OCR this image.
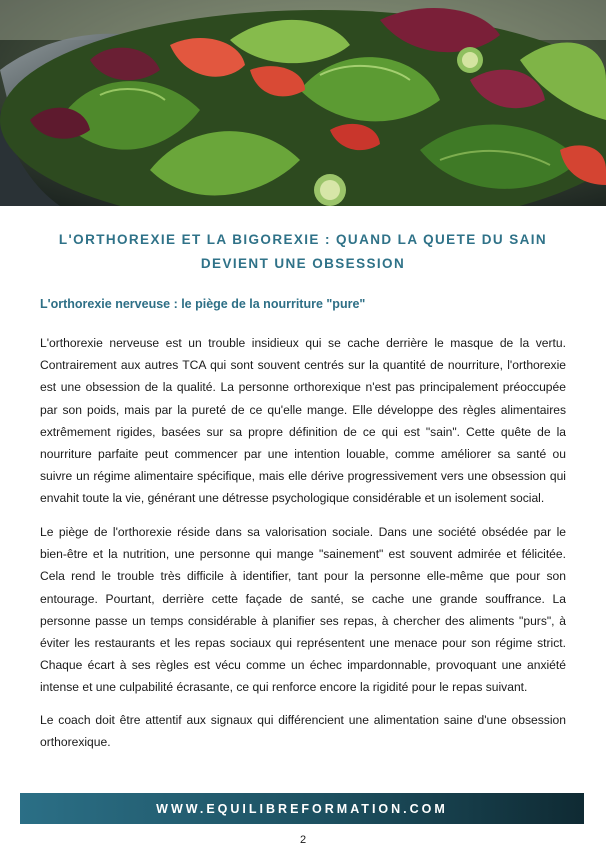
L'ORTHOREXIE ET LA BIGOREXIE : QUAND LA QUETE DU SAIN DEVIENT UNE OBSESSION
L'orthorexie nerveuse : le piège de la nourriture "pure"

L'orthorexie nerveuse est un trouble insidieux qui se cache derrière le masque de la vertu. Contrairement aux autres TCA qui sont souvent centrés sur la quantité de nourriture, l'orthorexie est une obsession de la qualité. La personne orthorexique n'est pas principalement préoccupée par son poids, mais par la pureté de ce qu'elle mange. Elle développe des règles alimentaires extrêmement rigides, basées sur sa propre définition de ce qui est "sain". Cette quête de la nourriture parfaite peut commencer par une intention louable, comme améliorer sa santé ou suivre un régime alimentaire spécifique, mais elle dérive progressivement vers une obsession qui envahit toute la vie, générant une détresse psychologique considérable et un isolement social.

Le piège de l'orthorexie réside dans sa valorisation sociale. Dans une société obsédée par le bien-être et la nutrition, une personne qui mange "sainement" est souvent admirée et félicitée. Cela rend le trouble très difficile à identifier, tant pour la personne elle-même que pour son entourage. Pourtant, derrière cette façade de santé, se cache une grande souffrance. La personne passe un temps considérable à planifier ses repas, à chercher des aliments "purs", à éviter les restaurants et les repas sociaux qui représentent une menace pour son régime strict. Chaque écart à ses règles est vécu comme un échec impardonnable, provoquant une anxiété intense et une culpabilité écrasante, ce qui renforce encore la rigidité pour le repas suivant.

Le coach doit être attentif aux signaux qui différencient une alimentation saine d'une obsession orthorexique.

WWW.EQUILIBREFORMATION.COM
2
